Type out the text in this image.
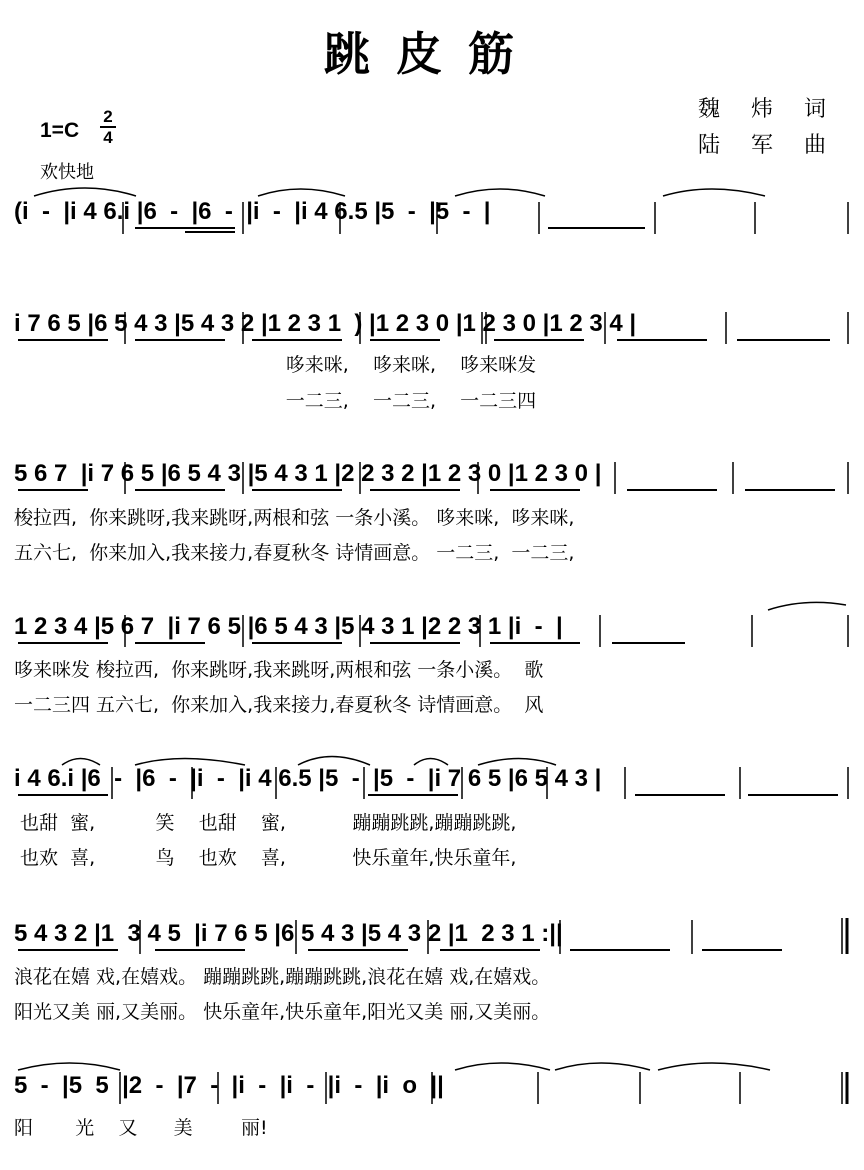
跳皮筋
魏 炜 词
陆 军 曲
1=C
2
4
欢快地
(i  -  |i 4 6.i |6  -  |6  -  |i  -  |i 4 6.5 |5  -  |5  -  |
i 7 6 5 |6 5 4 3 |5 4 3 2 |1 2 3 1  ) |1 2 3 0 |1 2 3 0 |1 2 3 4 |
哆来咪,    哆来咪,    哆来咪发
一二三,    一二三,    一二三四
5 6 7  |i 7 6 5 |6 5 4 3 |5 4 3 1 |2 2 3 2 |1 2 3 0 |1 2 3 0 |
梭拉西,  你来跳呀,我来跳呀,两根和弦 一条小溪。 哆来咪,  哆来咪,
五六七,  你来加入,我来接力,春夏秋冬 诗情画意。 一二三,  一二三,
1 2 3 4 |5 6 7  |i 7 6 5 |6 5 4 3 |5 4 3 1 |2 2 3 1 |i  -  |
哆来咪发 梭拉西,  你来跳呀,我来跳呀,两根和弦 一条小溪。  歌
一二三四 五六七,  你来加入,我来接力,春夏秋冬 诗情画意。  风
i 4 6.i |6  -  |6  -  |i  -  |i 4 6.5 |5  -  |5  -  |i 7 6 5 |6 5 4 3 |
也甜  蜜,          笑    也甜    蜜,           蹦蹦跳跳,蹦蹦跳跳,
也欢  喜,          鸟    也欢    喜,           快乐童年,快乐童年,
5 4 3 2 |1  3 4 5  |i 7 6 5 |6 5 4 3 |5 4 3 2 |1  2 3 1 :||
浪花在嬉 戏,在嬉戏。 蹦蹦跳跳,蹦蹦跳跳,浪花在嬉 戏,在嬉戏。
阳光又美 丽,又美丽。 快乐童年,快乐童年,阳光又美 丽,又美丽。
5  -  |5  5  |2  -  |7  -  |i  -  |i  -  |i  -  |i  o  ||
阳       光    又      美        丽!
